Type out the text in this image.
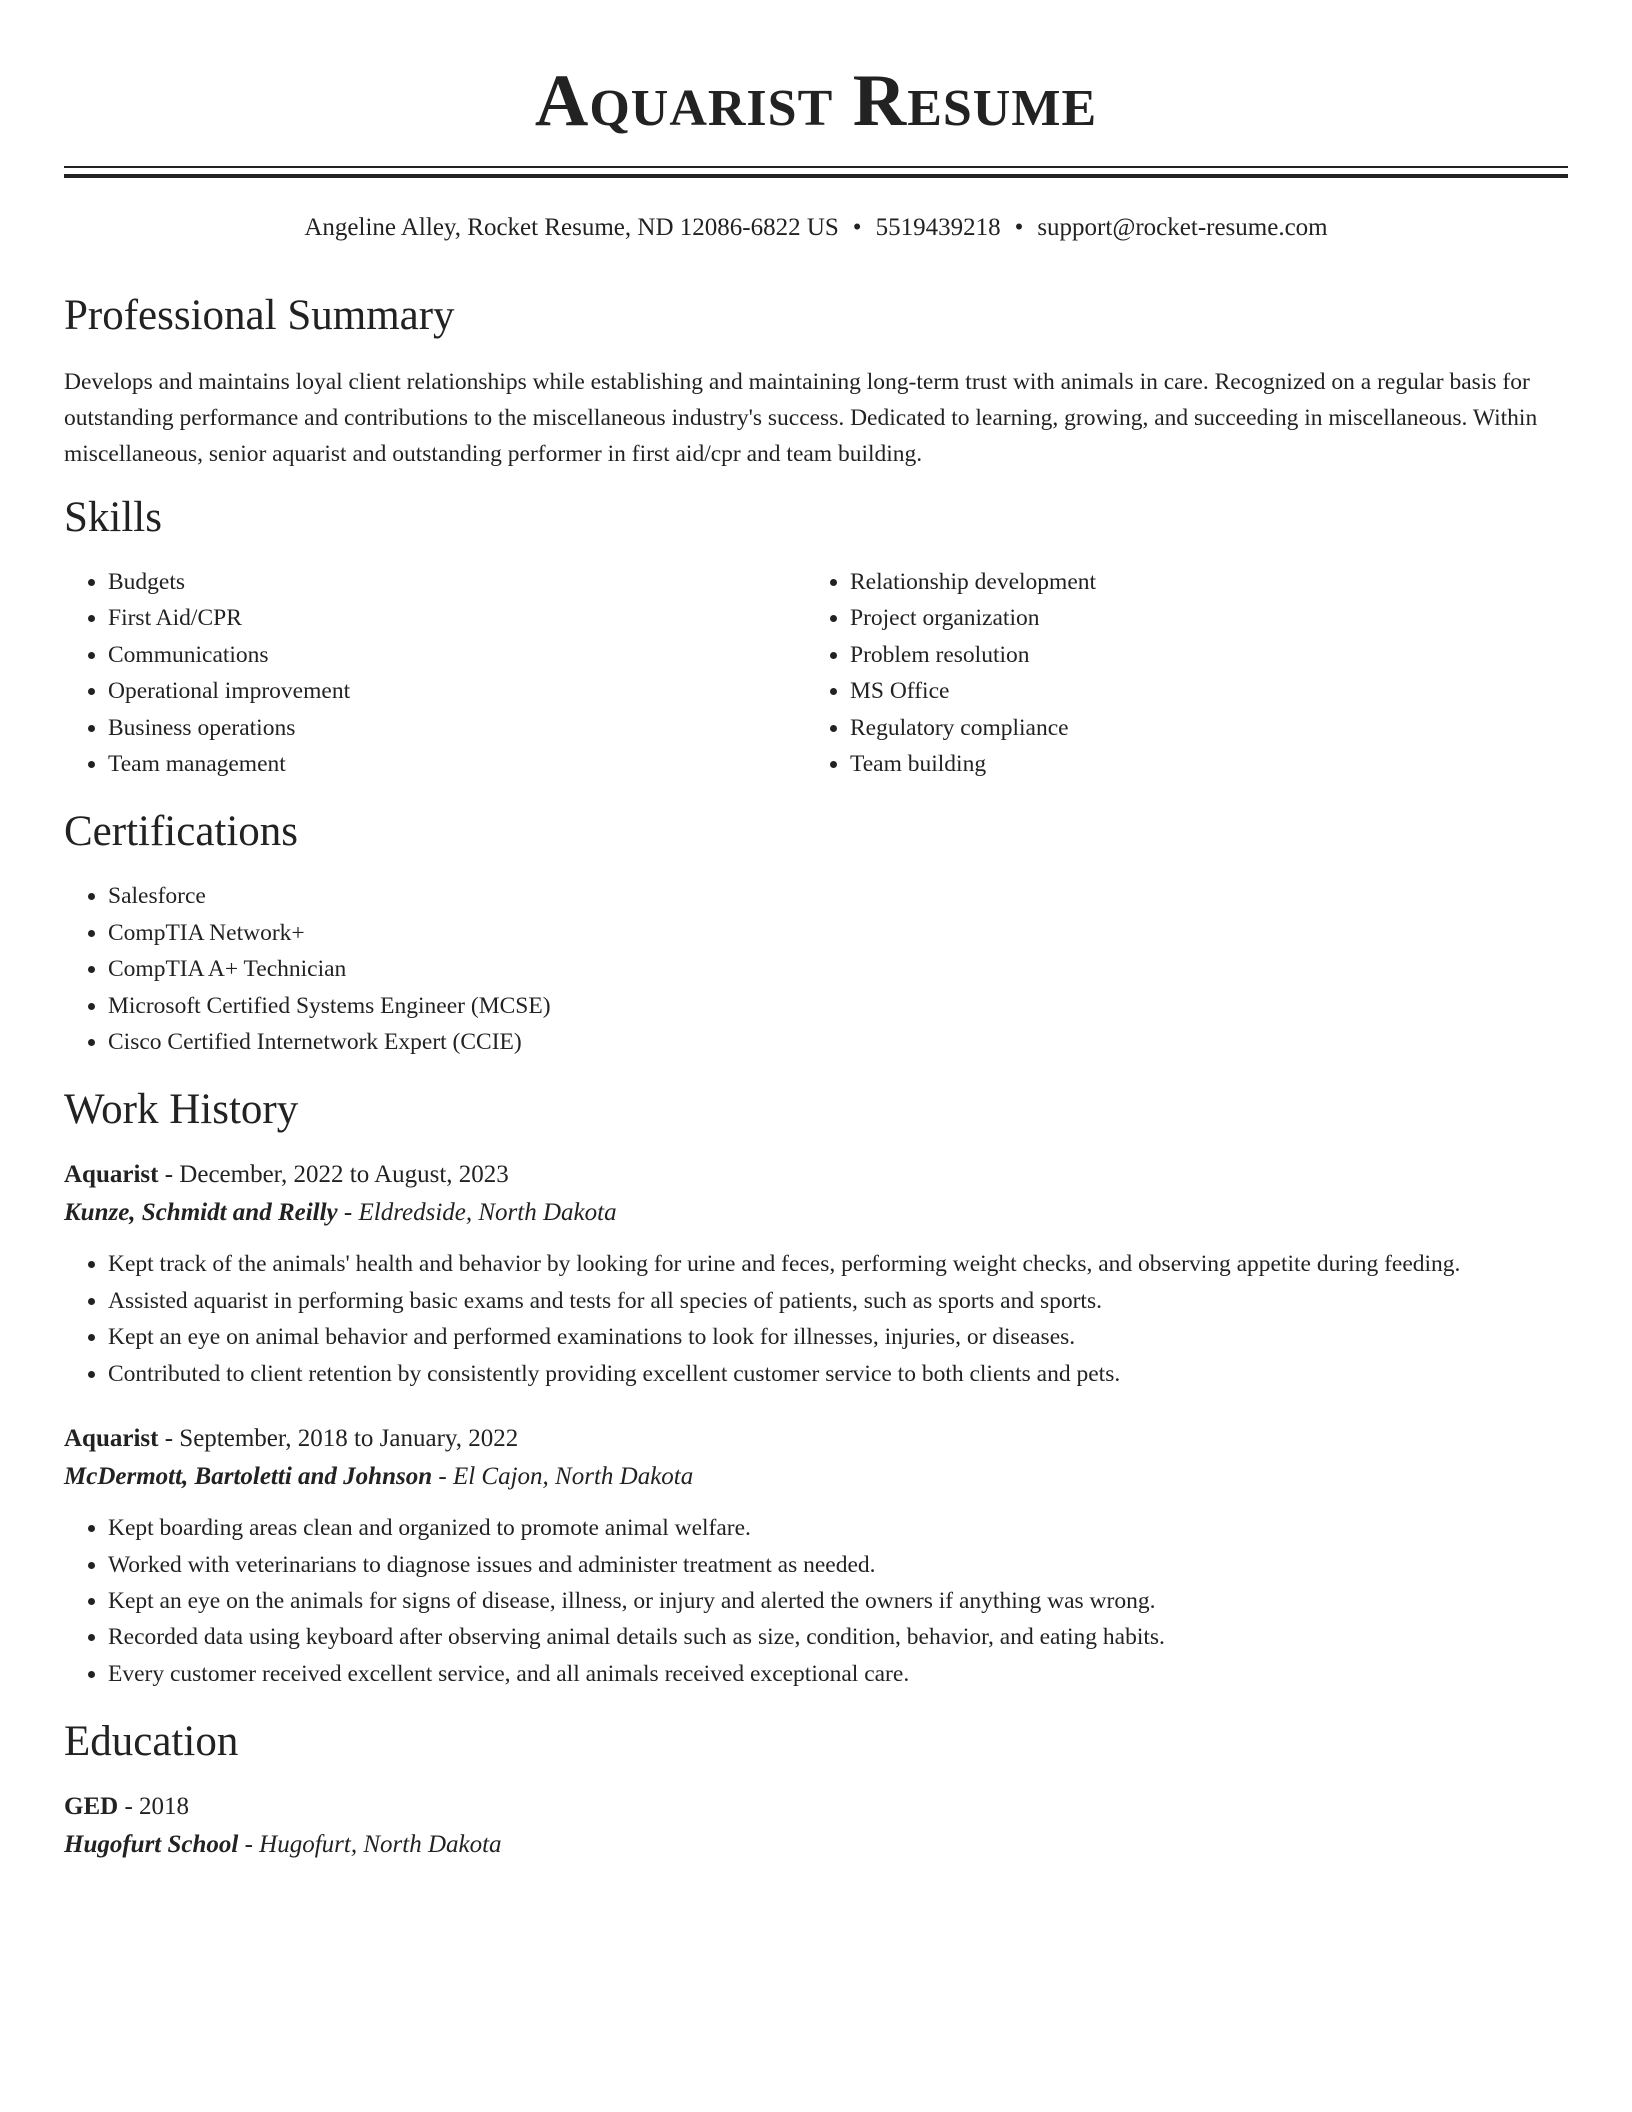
Aquarist Resume
Angeline Alley, Rocket Resume, ND 12086-6822 US • 5519439218 • support@rocket-resume.com
Professional Summary

Develops and maintains loyal client relationships while establishing and maintaining long-term trust with animals in care. Recognized on a regular basis for outstanding performance and contributions to the miscellaneous industry's success. Dedicated to learning, growing, and succeeding in miscellaneous. Within miscellaneous, senior aquarist and outstanding performer in first aid/cpr and team building.

Skills
• Budgets
• First Aid/CPR
• Communications
• Operational improvement
• Business operations
• Team management
• Relationship development
• Project organization
• Problem resolution
• MS Office
• Regulatory compliance
• Team building
Certifications
• Salesforce
• CompTIA Network+
• CompTIA A+ Technician
• Microsoft Certified Systems Engineer (MCSE)
• Cisco Certified Internetwork Expert (CCIE)
Work History
Aquarist - December, 2022 to August, 2023
Kunze, Schmidt and Reilly - Eldredside, North Dakota
• Kept track of the animals' health and behavior by looking for urine and feces, performing weight checks, and observing appetite during feeding.
• Assisted aquarist in performing basic exams and tests for all species of patients, such as sports and sports.
• Kept an eye on animal behavior and performed examinations to look for illnesses, injuries, or diseases.
• Contributed to client retention by consistently providing excellent customer service to both clients and pets.
Aquarist - September, 2018 to January, 2022
McDermott, Bartoletti and Johnson - El Cajon, North Dakota
• Kept boarding areas clean and organized to promote animal welfare.
• Worked with veterinarians to diagnose issues and administer treatment as needed.
• Kept an eye on the animals for signs of disease, illness, or injury and alerted the owners if anything was wrong.
• Recorded data using keyboard after observing animal details such as size, condition, behavior, and eating habits.
• Every customer received excellent service, and all animals received exceptional care.
Education
GED - 2018
Hugofurt School - Hugofurt, North Dakota
